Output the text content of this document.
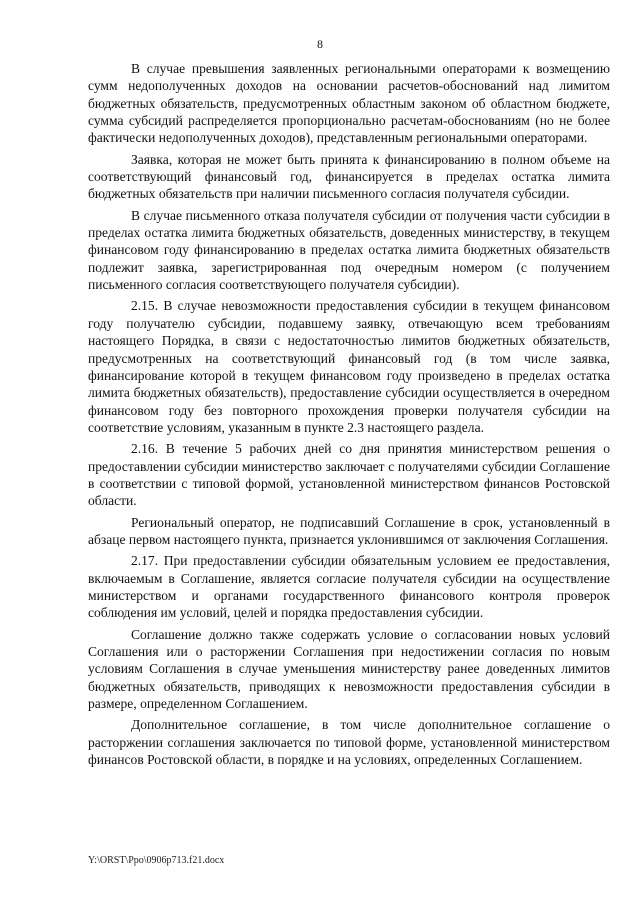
8

В случае превышения заявленных региональными операторами к возмещению сумм недополученных доходов на основании расчетов-обоснований над лимитом бюджетных обязательств, предусмотренных областным законом об областном бюджете, сумма субсидий распределяется пропорционально расчетам-обоснованиям (но не более фактически недополученных доходов), представленным региональными операторами.

Заявка, которая не может быть принята к финансированию в полном объеме на соответствующий финансовый год, финансируется в пределах остатка лимита бюджетных обязательств при наличии письменного согласия получателя субсидии.

В случае письменного отказа получателя субсидии от получения части субсидии в пределах остатка лимита бюджетных обязательств, доведенных министерству, в текущем финансовом году финансированию в пределах остатка лимита бюджетных обязательств подлежит заявка, зарегистрированная под очередным номером (с получением письменного согласия соответствующего получателя субсидии).

2.15. В случае невозможности предоставления субсидии в текущем финансовом году получателю субсидии, подавшему заявку, отвечающую всем требованиям настоящего Порядка, в связи с недостаточностью лимитов бюджетных обязательств, предусмотренных на соответствующий финансовый год (в том числе заявка, финансирование которой в текущем финансовом году произведено в пределах остатка лимита бюджетных обязательств), предоставление субсидии осуществляется в очередном финансовом году без повторного прохождения проверки получателя субсидии на соответствие условиям, указанным в пункте 2.3 настоящего раздела.

2.16. В течение 5 рабочих дней со дня принятия министерством решения о предоставлении субсидии министерство заключает с получателями субсидии Соглашение в соответствии с типовой формой, установленной министерством финансов Ростовской области.

Региональный оператор, не подписавший Соглашение в срок, установленный в абзаце первом настоящего пункта, признается уклонившимся от заключения Соглашения.

2.17. При предоставлении субсидии обязательным условием ее предоставления, включаемым в Соглашение, является согласие получателя субсидии на осуществление министерством и органами государственного финансового контроля проверок соблюдения им условий, целей и порядка предоставления субсидии.

Соглашение должно также содержать условие о согласовании новых условий Соглашения или о расторжении Соглашения при недостижении согласия по новым условиям Соглашения в случае уменьшения министерству ранее доведенных лимитов бюджетных обязательств, приводящих к невозможности предоставления субсидии в размере, определенном Соглашением.

Дополнительное соглашение, в том числе дополнительное соглашение о расторжении соглашения заключается по типовой форме, установленной министерством финансов Ростовской области, в порядке и на условиях, определенных Соглашением.

Y:\ORST\Ppo\0906p713.f21.docx
